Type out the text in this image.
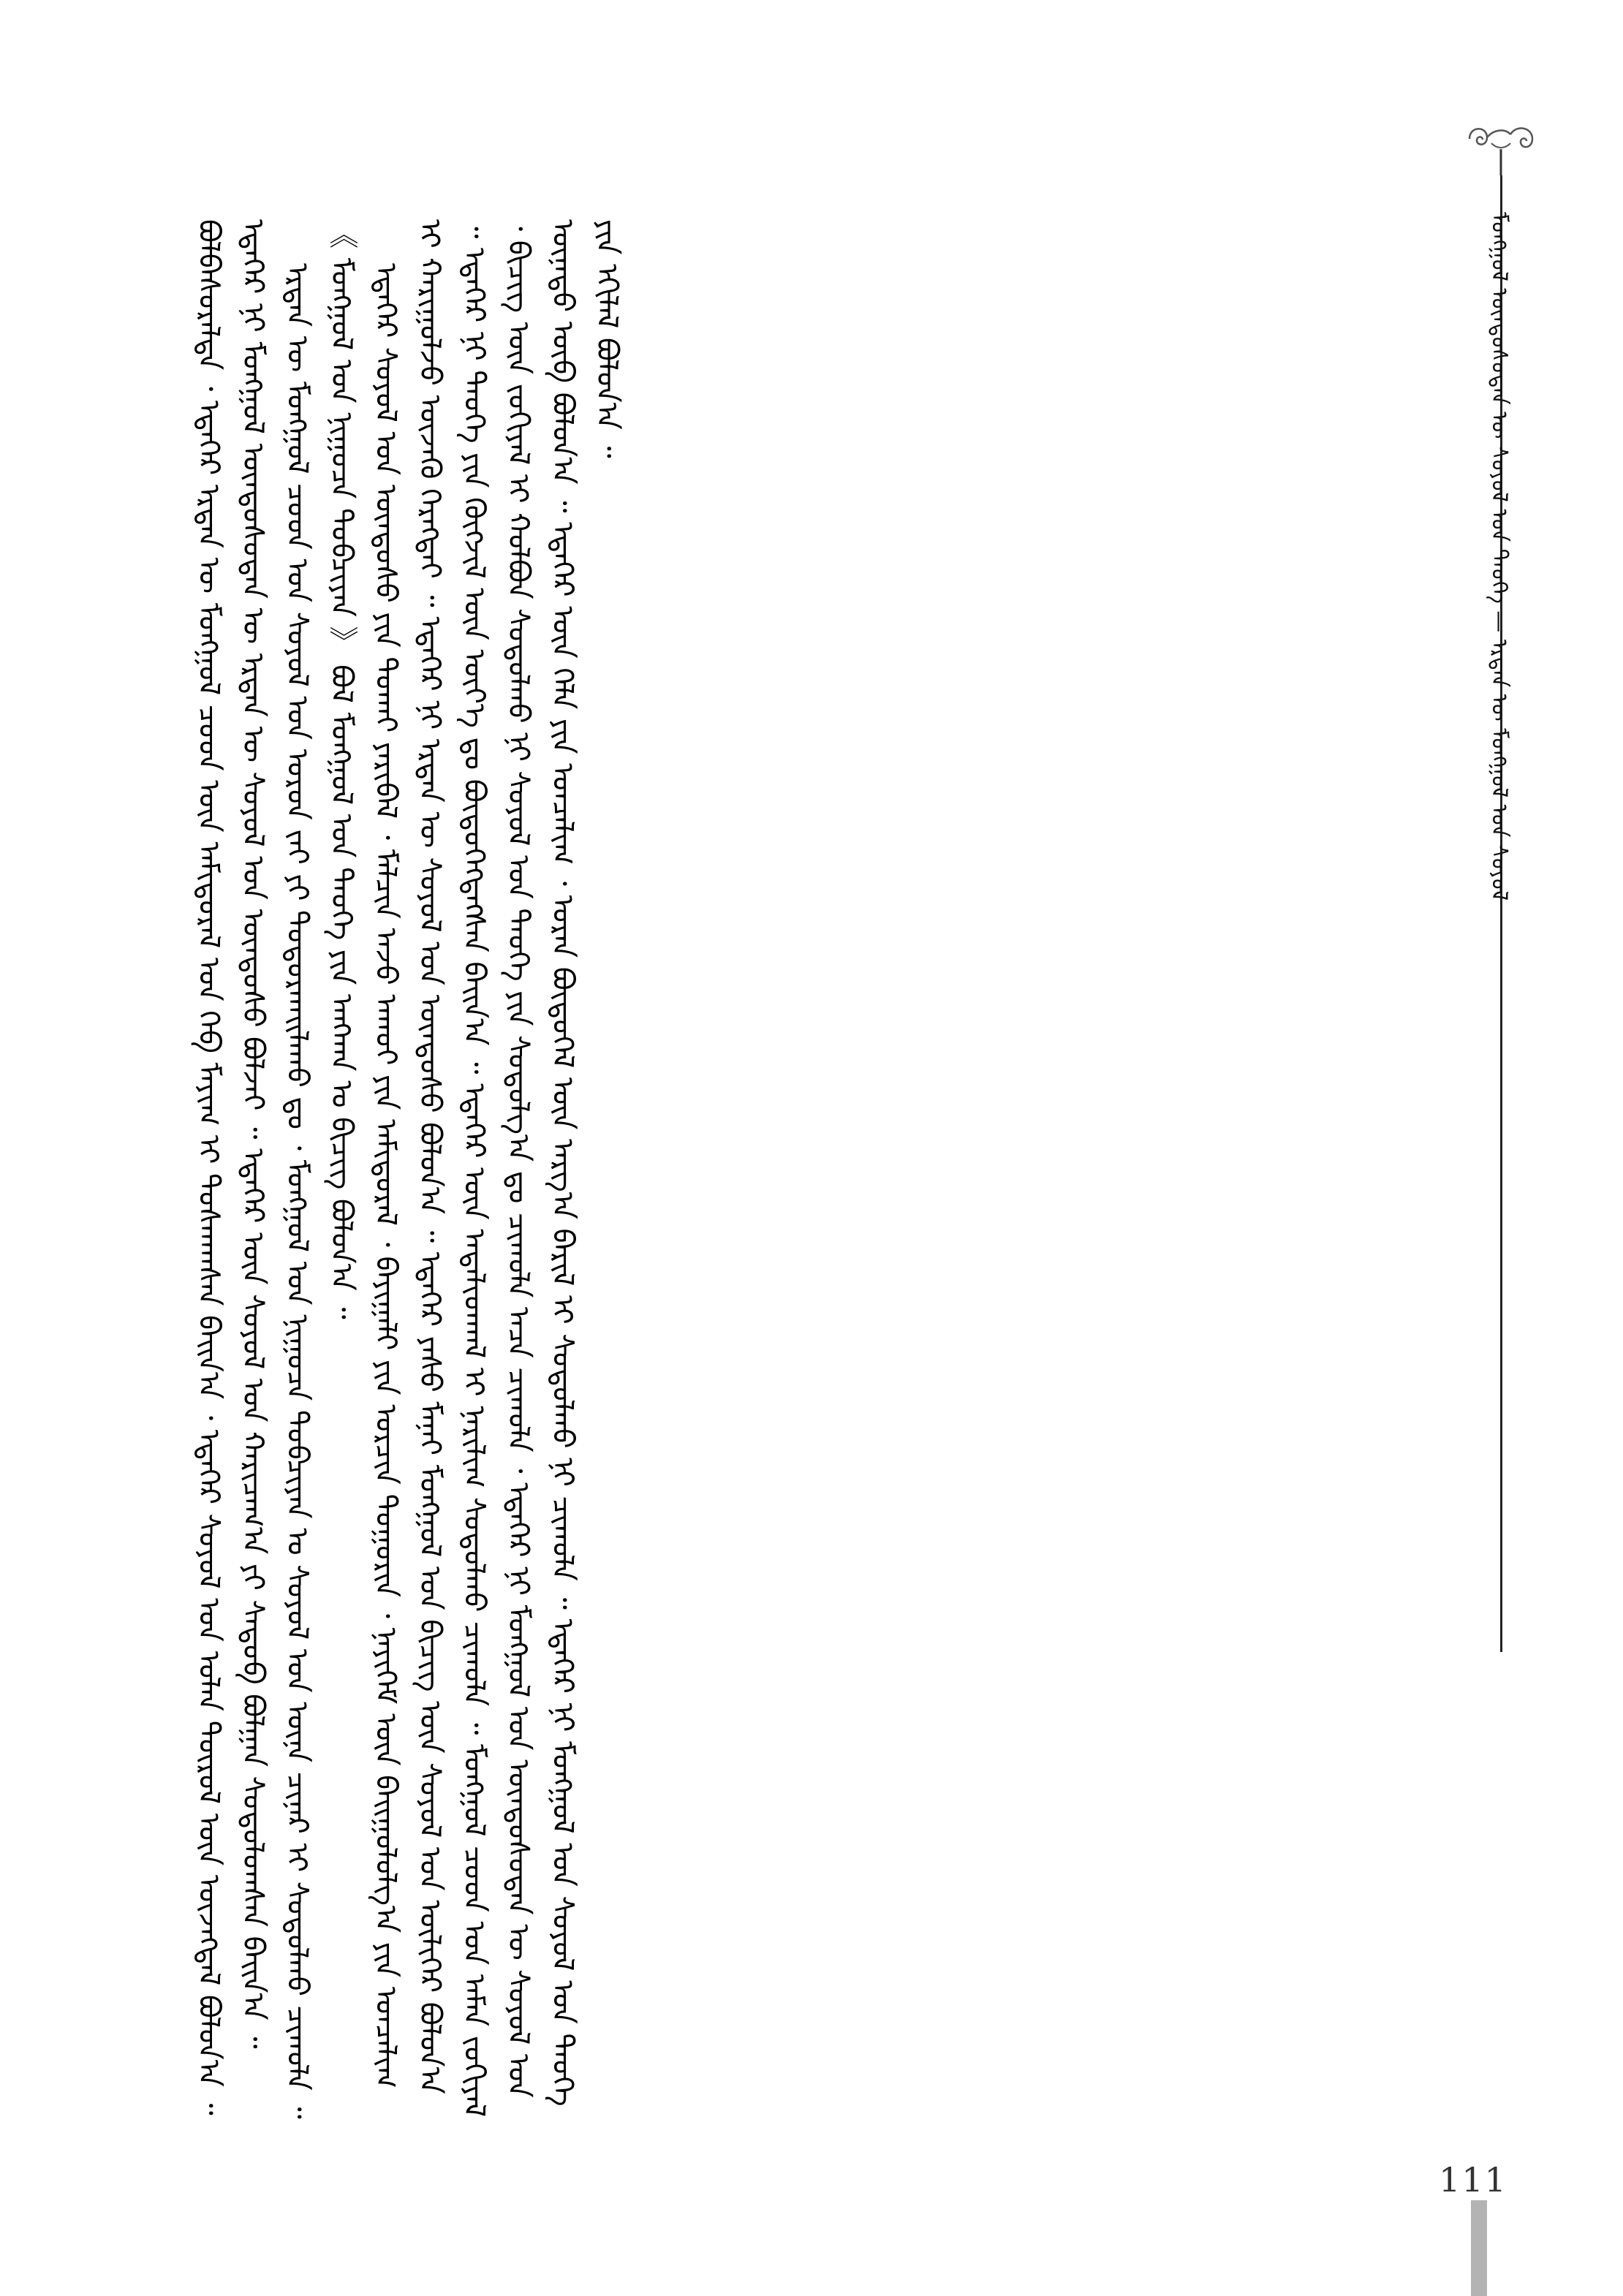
ᠮᠣᠩᠭᠣᠯ ᠦᠨᠳᠦᠰᠦᠲᠡᠨ ᠦ ᠰᠣᠶᠣᠯ ᠤᠨ ᠲᠡᠦᠬᠡ — ᠡᠷᠲᠡᠨ ᠦ ᠮᠣᠩᠭᠣᠯ ᠤᠨ ᠰᠣᠶᠣᠯ

ᠪᠣᠯᠪᠠᠰᠤᠷᠠᠯᠲᠠ ᠂ ᠡᠳᠡᠭᠡᠷ ᠡᠷᠲᠡᠨ ᠦ ᠮᠣᠩᠭᠣᠯ ᠴᠤᠳ ᠦᠨ ᠠᠮᠢᠳᠤᠷᠠᠯ ᠤᠨ ᠬᠡᠪ ᠮᠠᠶᠢᠭ ᠢ ᠲᠤᠰᠬᠠᠭᠰᠠᠨ ᠪᠠᠢᠨ᠎ᠠ ᠂ ᠡᠳᠡᠭᠡᠷ ᠰᠣᠶᠣᠯ ᠤᠨ ᠣᠯᠠᠨ ᠲᠥᠷᠥᠯ ᠦᠨ ᠦᠵᠡᠭᠳᠡᠯ ᠪᠣᠯᠤᠨ᠎ᠠ ᠃ ᠡᠳᠡᠭᠡᠷ ᠨᠢ ᠮᠣᠩᠭᠣᠯ ᠦᠨᠳᠦᠰᠦᠲᠡᠨ ᠦ ᠡᠷᠲᠡᠨ ᠦ ᠰᠣᠶᠣᠯ ᠤᠨ ᠦᠨᠳᠦᠰᠦ ᠪᠣᠯᠵᠠᠢ ᠃ ᠡᠳᠡᠭᠡᠷ ᠦᠨ ᠰᠣᠶᠣᠯ ᠤᠨ ᠬᠠᠷᠢᠴᠠᠭ᠎ᠠ ᠶᠢ ᠰᠡᠳᠦᠪ ᠪᠣᠯᠭᠠᠨ ᠰᠤᠳᠤᠯᠤᠭᠰᠠᠨ ᠪᠠᠢᠨ᠎ᠠ ᠃ ᠡᠷᠲᠡᠨ ᠦ ᠮᠣᠩᠭᠣᠯ ᠴᠤᠳ ᠤᠨ ᠰᠣᠶᠣᠯ ᠤᠨ ᠣᠷᠣᠨ ᠵᠠᠢ ᠶᠢ ᠲᠣᠳᠤᠷᠬᠠᠢᠯᠠᠬᠤ ᠳᠤ ᠂ ᠮᠣᠩᠭᠣᠯ ᠤᠨ ᠨᠢᠭᠤᠴᠠ ᠲᠣᠪᠴᠢᠶᠠᠨ ᠤ ᠰᠣᠶᠣᠯ ᠤᠨ ᠦᠨᠡ ᠴᠢᠨᠠᠷ ᠢ ᠰᠤᠳᠤᠯᠬᠤ ᠴᠢᠬᠤᠯᠠ ᠃ 《 ᠮᠣᠩᠭᠣᠯ ᠤᠨ ᠨᠢᠭᠤᠴᠠ ᠲᠣᠪᠴᠢᠶᠠᠨ 》 ᠪᠣᠯ ᠮᠣᠩᠭᠣᠯ ᠤᠨ ᠲᠡᠦᠬᠡ ᠶᠢᠨ ᠠᠩᠬᠠᠨ ᠤ ᠪᠢᠴᠢᠭ ᠪᠣᠯᠤᠨ᠎ᠠ ᠃ ᠡᠳᠡᠭᠡᠷ ᠰᠣᠶᠣᠯ ᠤᠨ ᠦᠨᠳᠦᠰᠦ ᠶᠢᠨ ᠲᠤᠬᠠᠢ ᠶᠠᠷᠢᠪᠠᠯ ᠂ ᠮᠠᠯᠴᠢᠨ ᠠᠵᠤ ᠠᠬᠤᠢ ᠶᠢᠨ ᠠᠮᠢᠳᠤᠷᠠᠯ ᠂ ᠪᠠᠶᠢᠭᠠᠯᠢ ᠶᠢᠨ ᠣᠷᠴᠢᠨ ᠲᠣᠭᠣᠷᠢᠨ ᠂ ᠨᠡᠶᠢᠭᠡᠮ ᠦᠨ ᠪᠠᠢᠭᠤᠯᠤᠯᠭ᠎ᠠ ᠶᠢᠨ ᠣᠨᠴᠠᠯᠢᠭ ᠢ ᠬᠠᠷᠢᠭᠤᠯᠵᠤ ᠦᠵᠡᠬᠦ ᠬᠡᠷᠡᠭᠲᠡᠢ ᠃ ᠡᠳᠡᠭᠡᠷ ᠨᠢ ᠡᠷᠲᠡᠨ ᠦ ᠰᠣᠶᠣᠯ ᠤᠨ ᠦᠨᠳᠦᠰᠦ ᠪᠣᠯᠤᠨ᠎ᠠ ᠃ ᠡᠳᠡᠭᠡᠷ ᠶᠠᠰᠤ ᠮᠠᠨᠠᠢ ᠮᠣᠩᠭᠣᠯ ᠤᠨ ᠪᠢᠴᠢᠭ ᠦᠨ ᠰᠣᠶᠣᠯ ᠤᠨ ᠦᠯᠢᠭᠡᠷ ᠪᠣᠯᠤᠨ᠎ᠠ ᠃ ᠡᠳᠡᠭᠡᠷ ᠨᠢ ᠲᠡᠦᠬᠡ ᠶᠢᠨ ᠬᠥᠭᠵᠢᠯ ᠦᠨ ᠦᠶ᠎ᠡ ᠳᠤ ᠪᠦᠲᠦᠭᠡᠭᠳᠡᠭᠰᠡᠨ ᠪᠠᠢᠨ᠎ᠠ ᠃ ᠡᠳᠡᠭᠡᠷ ᠦᠨ ᠠᠳᠠᠯᠢᠳᠬᠠᠯ ᠢ ᠨᠠᠷᠢᠯᠢᠭ ᠰᠤᠳᠤᠯᠬᠤ ᠴᠢᠬᠤᠯᠠ ᠃ ᠮᠣᠩᠭᠣᠯ ᠴᠤᠳ ᠤᠨ ᠠᠮᠠᠨ ᠵᠣᠬᠢᠶᠠᠯ ᠂ ᠪᠢᠴᠢᠭ ᠦᠨ ᠵᠣᠬᠢᠶᠠᠯ ᠢ ᠬᠣᠯᠪᠣᠨ ᠰᠤᠳᠤᠯᠬᠤ ᠨᠢ ᠰᠣᠶᠣᠯ ᠤᠨ ᠲᠡᠦᠬᠡ ᠶᠢᠨ ᠰᠤᠳᠤᠯᠭ᠎ᠠ ᠳᠤ ᠴᠢᠬᠤᠯᠠ ᠠᠴᠠ ᠴᠢᠬᠤᠯᠠ ᠂ ᠡᠳᠡᠭᠡᠷ ᠨᠢ ᠮᠣᠩᠭᠣᠯ ᠤᠨ ᠦᠨᠳᠦᠰᠦᠲᠡᠨ ᠦ ᠰᠣᠶᠣᠯ ᠤᠨ ᠦᠨᠡᠲᠦ ᠥᠪ ᠪᠣᠯᠤᠨ᠎ᠠ ᠃ ᠡᠳᠡᠭᠡᠷ ᠦᠨ ᠬᠡᠯᠡ ᠶᠢᠨ ᠣᠨᠴᠠᠯᠢᠭ ᠂ ᠤᠷᠠᠨ ᠪᠦᠲᠦᠭᠡᠯ ᠦᠨ ᠠᠷᠭ᠎ᠠ ᠪᠠᠷᠢᠯ ᠢ ᠰᠤᠳᠤᠯᠬᠤ ᠨᠢ ᠴᠢᠬᠤᠯᠠ ᠃ ᠡᠳᠡᠭᠡᠷ ᠨᠢ ᠮᠣᠩᠭᠣᠯ ᠤᠨ ᠰᠣᠶᠣᠯ ᠤᠨ ᠲᠡᠦᠬᠡ ᠶᠢᠨ ᠡᠬᠢᠯᠡᠯ ᠪᠣᠯᠤᠨ᠎ᠠ ᠃

111
